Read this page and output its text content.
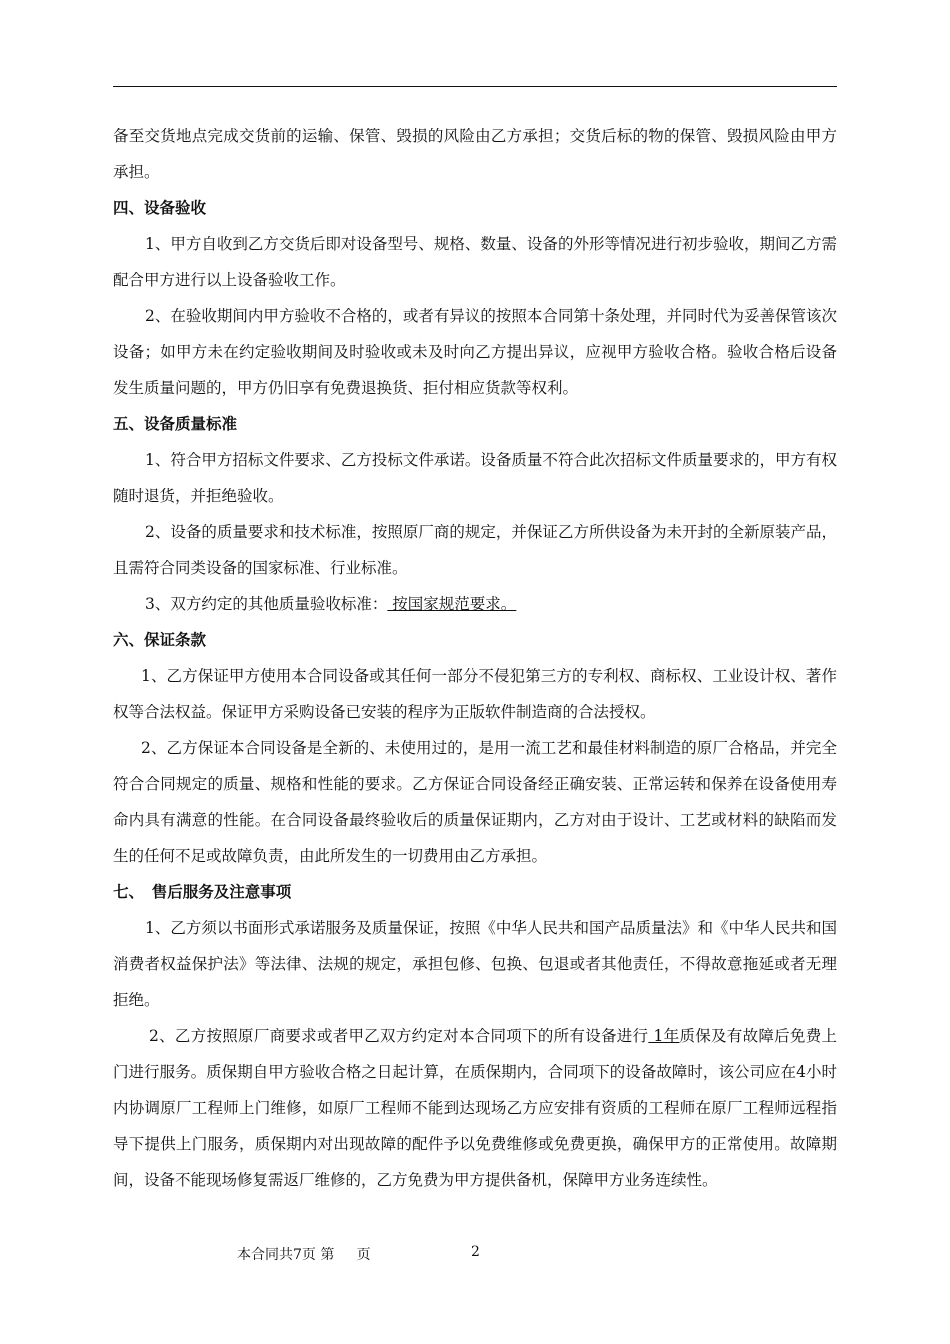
备至交货地点完成交货前的运输、保管、毁损的风险由乙方承担；交货后标的物的保管、毁损风险由甲方承担。

四、设备验收

1、甲方自收到乙方交货后即对设备型号、规格、数量、设备的外形等情况进行初步验收，期间乙方需配合甲方进行以上设备验收工作。

2、在验收期间内甲方验收不合格的，或者有异议的按照本合同第十条处理，并同时代为妥善保管该次设备；如甲方未在约定验收期间及时验收或未及时向乙方提出异议，应视甲方验收合格。验收合格后设备发生质量问题的，甲方仍旧享有免费退换货、拒付相应货款等权利。

五、设备质量标准

1、符合甲方招标文件要求、乙方投标文件承诺。设备质量不符合此次招标文件质量要求的，甲方有权随时退货，并拒绝验收。

2、设备的质量要求和技术标准，按照原厂商的规定，并保证乙方所供设备为未开封的全新原装产品，且需符合同类设备的国家标准、行业标准。

3、双方约定的其他质量验收标准： 按国家规范要求。

六、保证条款

1、乙方保证甲方使用本合同设备或其任何一部分不侵犯第三方的专利权、商标权、工业设计权、著作权等合法权益。保证甲方采购设备已安装的程序为正版软件制造商的合法授权。

2、乙方保证本合同设备是全新的、未使用过的，是用一流工艺和最佳材料制造的原厂合格品，并完全符合合同规定的质量、规格和性能的要求。乙方保证合同设备经正确安装、正常运转和保养在设备使用寿命内具有满意的性能。在合同设备最终验收后的质量保证期内，乙方对由于设计、工艺或材料的缺陷而发生的任何不足或故障负责，由此所发生的一切费用由乙方承担。

七、　售后服务及注意事项

1、乙方须以书面形式承诺服务及质量保证，按照《中华人民共和国产品质量法》和《中华人民共和国消费者权益保护法》等法律、法规的规定，承担包修、包换、包退或者其他责任，不得故意拖延或者无理拒绝。

2、乙方按照原厂商要求或者甲乙双方约定对本合同项下的所有设备进行 1年质保及有故障后免费上门进行服务。质保期自甲方验收合格之日起计算，在质保期内，合同项下的设备故障时，该公司应在4小时内协调原厂工程师上门维修，如原厂工程师不能到达现场乙方应安排有资质的工程师在原厂工程师远程指导下提供上门服务，质保期内对出现故障的配件予以免费维修或免费更换，确保甲方的正常使用。故障期间，设备不能现场修复需返厂维修的，乙方免费为甲方提供备机，保障甲方业务连续性。

本合同共7页 第     页	2
